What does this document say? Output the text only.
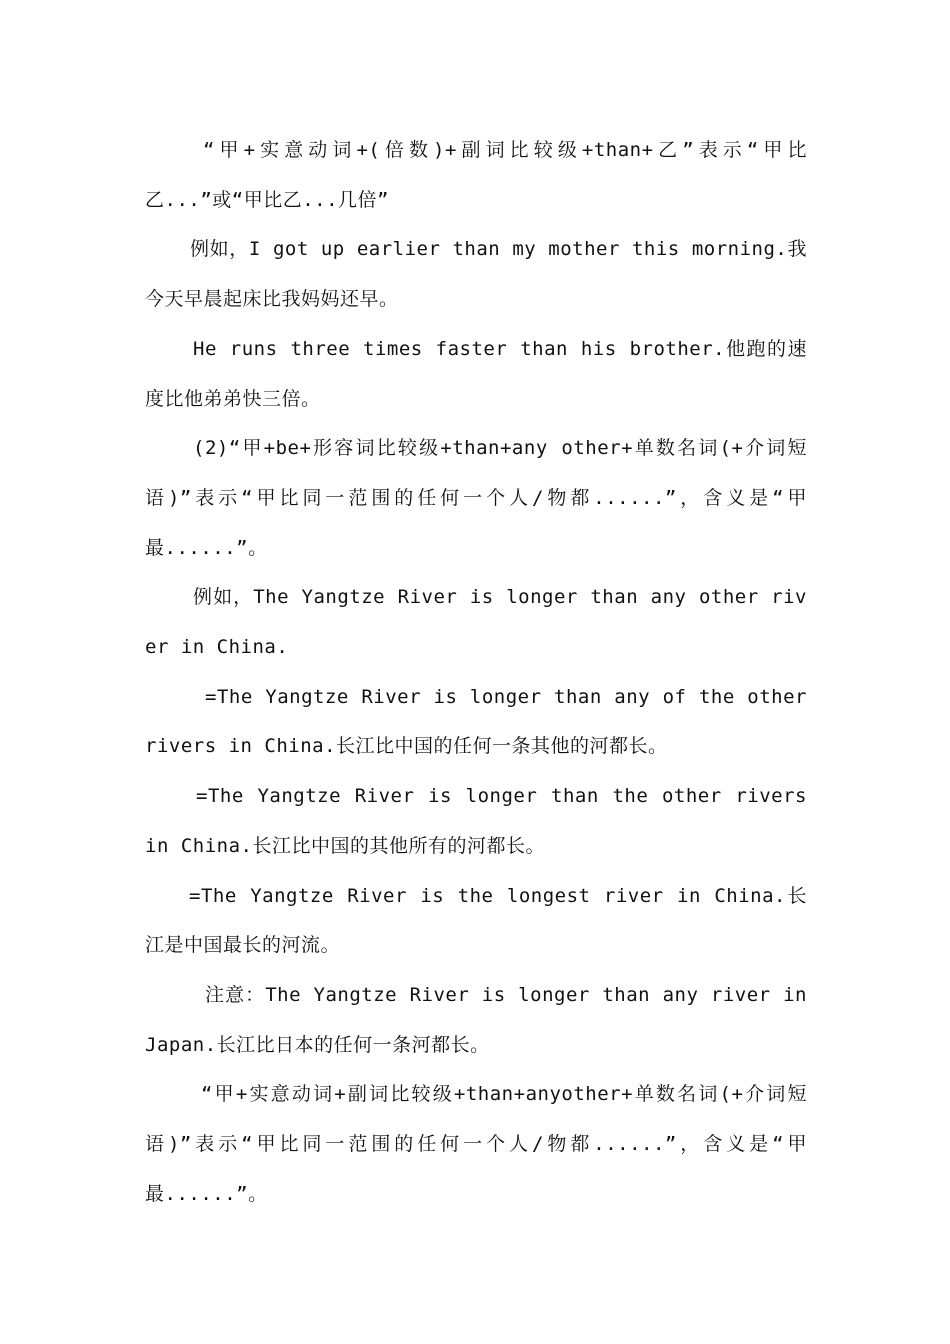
“甲+实意动词+(倍数)+副词比较级+than+乙”表示“甲比乙...”或“甲比乙...几倍”

例如，I got up earlier than my mother this morning.我今天早晨起床比我妈妈还早。

He runs three times faster than his brother.他跑的速度比他弟弟快三倍。

(2)“甲+be+形容词比较级+than+any other+单数名词(+介词短语)”表示“甲比同一范围的任何一个人/物都......”，含义是“甲最......”。

例如，The Yangtze River is longer than any other river in China.

=The Yangtze River is longer than any of the other rivers in China.长江比中国的任何一条其他的河都长。

=The Yangtze River is longer than the other rivers in China.长江比中国的其他所有的河都长。

=The Yangtze River is the longest river in China.长江是中国最长的河流。

注意：The Yangtze River is longer than any river in Japan.长江比日本的任何一条河都长。

“甲+实意动词+副词比较级+than+anyother+单数名词(+介词短语)”表示“甲比同一范围的任何一个人/物都......”，含义是“甲最......”。
